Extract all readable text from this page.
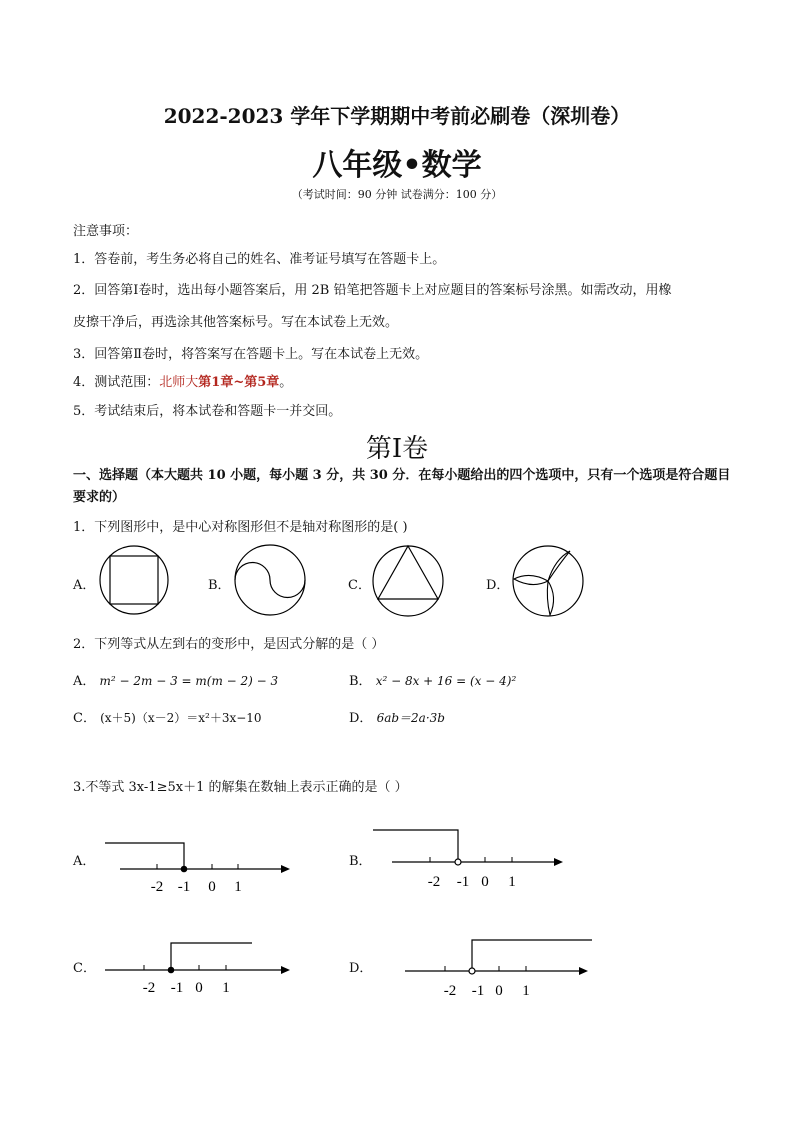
2022-2023 学年下学期期中考前必刷卷（深圳卷）
八年级•数学
（考试时间：90 分钟 试卷满分：100 分）
注意事项：
1．答卷前，考生务必将自己的姓名、准考证号填写在答题卡上。
2．回答第Ⅰ卷时，选出每小题答案后，用 2B 铅笔把答题卡上对应题目的答案标号涂黑。如需改动，用橡
皮擦干净后，再选涂其他答案标号。写在本试卷上无效。
3．回答第Ⅱ卷时，将答案写在答题卡上。写在本试卷上无效。
4．测试范围：北师大第1章~第5章。
5．考试结束后，将本试卷和答题卡一并交回。
第Ⅰ卷
一、选择题（本大题共 10 小题，每小题 3 分，共 30 分．在每小题给出的四个选项中，只有一个选项是符合题目要求的）
1．下列图形中，是中心对称图形但不是轴对称图形的是( )
A．	B．	C．	D．
2．下列等式从左到右的变形中，是因式分解的是（ ）
A． m² − 2m − 3 = m(m − 2) − 3	B． x² − 8x + 16 = (x − 4)²
C． (x＋5)（x－2）＝x²＋3x−10	D． 6ab＝2a·3b
3.不等式 3x-1≥5x＋1 的解集在数轴上表示正确的是（ ）
A．	B．
C．	D．
-2 -1 0 1	-2 -1 0 1
-2 -1 0 1	-2 -1 0 1
